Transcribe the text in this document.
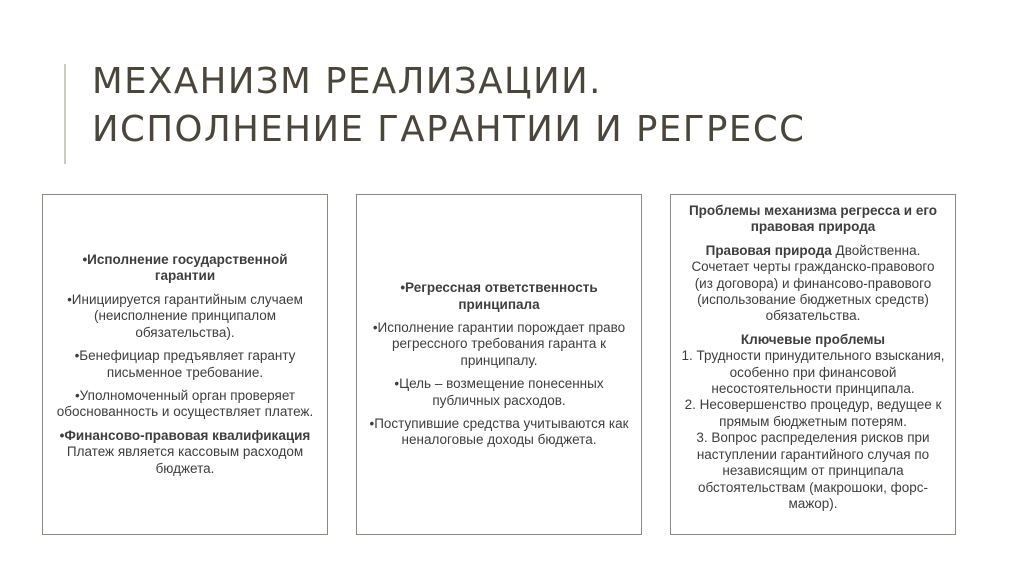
МЕХАНИЗМ РЕАЛИЗАЦИИ.
ИСПОЛНЕНИЕ ГАРАНТИИ И РЕГРЕСС

•Исполнение государственной гарантии

•Инициируется гарантийным случаем (неисполнение принципалом обязательства).

•Бенефициар предъявляет гаранту письменное требование.

•Уполномоченный орган проверяет обоснованность и осуществляет платеж.

•Финансово-правовая квалификация Платеж является кассовым расходом бюджета.

•Регрессная ответственность принципала

•Исполнение гарантии порождает право регрессного требования гаранта к принципалу.

•Цель – возмещение понесенных публичных расходов.

•Поступившие средства учитываются как неналоговые доходы бюджета.

Проблемы механизма регресса и его правовая природа

Правовая природа Двойственна. Сочетает черты гражданско-правового (из договора) и финансово-правового (использование бюджетных средств) обязательства.

Ключевые проблемы

1. Трудности принудительного взыскания, особенно при финансовой несостоятельности принципала.

2. Несовершенство процедур, ведущее к прямым бюджетным потерям.

3. Вопрос распределения рисков при наступлении гарантийного случая по независящим от принципала обстоятельствам (макрошоки, форс-мажор).
